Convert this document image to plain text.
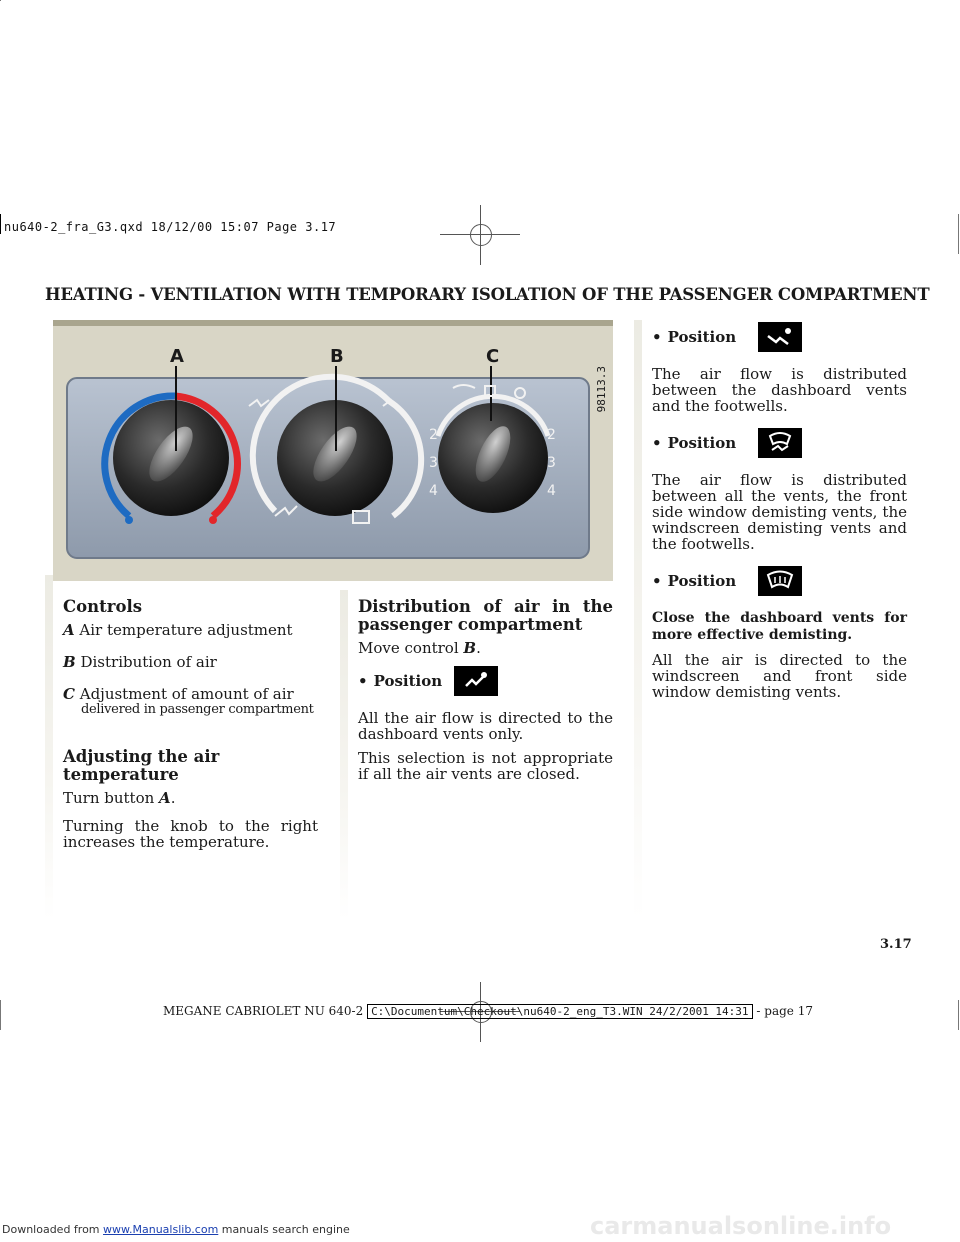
nu640-2_fra_G3.qxd 18/12/00 15:07 Page 3.17
HEATING - VENTILATION WITH TEMPORARY ISOLATION OF THE PASSENGER COMPARTMENT
A	B	C
98113.3
2
3
4
2
3
4
Controls

A Air temperature adjustment

B Distribution of air

C Adjustment of amount of air

delivered in passenger compartment

Adjusting the air temperature

Turn button A.

Turning the knob to the right increases the temperature.

Distribution of air in the passenger compartment

Move control B.

• Position

All the air flow is directed to the dashboard vents only.

This selection is not appropriate if all the air vents are closed.

• Position

The air flow is distributed between the dashboard vents and the footwells.

• Position

The air flow is distributed between all the vents, the front side window demisting vents, the windscreen demisting vents and the footwells.

• Position

Close the dashboard vents for more effective demisting.

All the air is directed to the windscreen and front side window demisting vents.

3.17
MEGANE CABRIOLET NU 640-2 C:\Documentum\Checkout\nu640-2_eng_T3.WIN 24/2/2001 14:31 - page 17
Downloaded from www.Manualslib.com manuals search engine	carmanualsonline.info
